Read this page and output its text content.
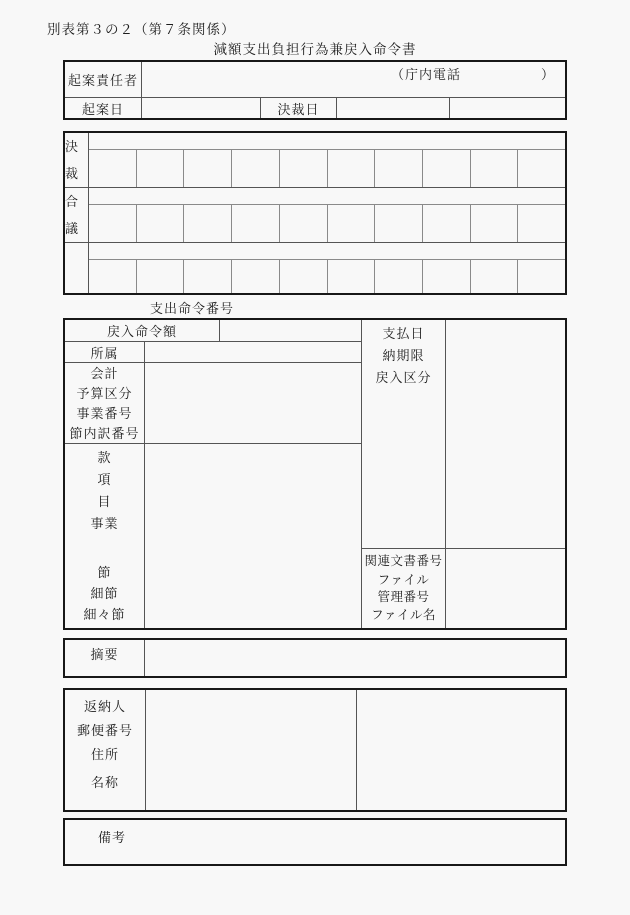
別表第３の２（第７条関係）
減額支出負担行為兼戻入命令書
起案責任者	（庁内電話	）
起案日	決裁日
決裁
合議
支出命令番号
戻入命令額
所属
会計
予算区分
事業番号
節内訳番号
款
項
目
事業
節
細節
細々節
支払日
納期限
戻入区分
関連文書番号
ファイル
管理番号
ファイル名
摘要
返納人
郵便番号
住所
名称
備考
